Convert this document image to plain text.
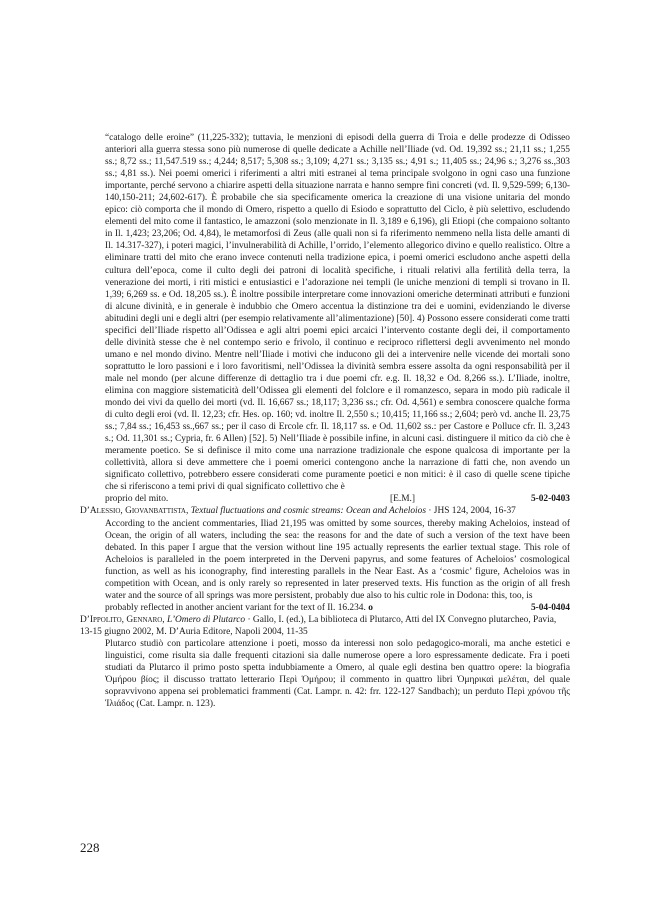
“catalogo delle eroine” (11,225-332); tuttavia, le menzioni di episodi della guerra di Troia e delle prodezze di Odisseo anteriori alla guerra stessa sono più numerose di quelle dedicate a Achille nell’Iliade (vd. Od. 19,392 ss.; 21,11 ss.; 1,255 ss.; 8,72 ss.; 11,547.519 ss.; 4,244; 8,517; 5,308 ss.; 3,109; 4,271 ss.; 3,135 ss.; 4,91 s.; 11,405 ss.; 24,96 s.; 3,276 ss.,303 ss.; 4,81 ss.). Nei poemi omerici i riferimenti a altri miti estranei al tema principale svolgono in ogni caso una funzione importante, perché servono a chiarire aspetti della situazione narrata e hanno sempre fini concreti (vd. Il. 9,529-599; 6,130-140,150-211; 24,602-617). È probabile che sia specificamente omerica la creazione di una visione unitaria del mondo epico: ciò comporta che il mondo di Omero, rispetto a quello di Esiodo e soprattutto del Ciclo, è più selettivo, escludendo elementi del mito come il fantastico, le amazzoni (solo menzionate in Il. 3,189 e 6,196), gli Etiopi (che compaiono soltanto in Il. 1,423; 23,206; Od. 4,84), le metamorfosi di Zeus (alle quali non si fa riferimento nemmeno nella lista delle amanti di Il. 14.317-327), i poteri magici, l’invulnerabilità di Achille, l’orrido, l’elemento allegorico divino e quello realistico. Oltre a eliminare tratti del mito che erano invece contenuti nella tradizione epica, i poemi omerici escludono anche aspetti della cultura dell’epoca, come il culto degli dei patroni di località specifiche, i rituali relativi alla fertilità della terra, la venerazione dei morti, i riti mistici e entusiastici e l’adorazione nei templi (le uniche menzioni di templi si trovano in Il. 1,39; 6,269 ss. e Od. 18,205 ss.). È inoltre possibile interpretare come innovazioni omeriche determinati attributi e funzioni di alcune divinità, e in generale è indubbio che Omero accentua la distinzione tra dei e uomini, evidenziando le diverse abitudini degli uni e degli altri (per esempio relativamente all’alimentazione) [50]. 4) Possono essere considerati come tratti specifici dell’Iliade rispetto all’Odissea e agli altri poemi epici arcaici l’intervento costante degli dei, il comportamento delle divinità stesse che è nel contempo serio e frivolo, il continuo e reciproco riflettersi degli avvenimento nel mondo umano e nel mondo divino. Mentre nell’Iliade i motivi che inducono gli dei a intervenire nelle vicende dei mortali sono soprattutto le loro passioni e i loro favoritismi, nell’Odissea la divinità sembra essere assolta da ogni responsabilità per il male nel mondo (per alcune differenze di dettaglio tra i due poemi cfr. e.g. Il. 18,32 e Od. 8,266 ss.). L’Iliade, inoltre, elimina con maggiore sistematicità dell’Odissea gli elementi del folclore e il romanzesco, separa in modo più radicale il mondo dei vivi da quello dei morti (vd. Il. 16,667 ss.; 18,117; 3,236 ss.; cfr. Od. 4,561) e sembra conoscere qualche forma di culto degli eroi (vd. Il. 12,23; cfr. Hes. op. 160; vd. inoltre Il. 2,550 s.; 10,415; 11,166 ss.; 2,604; però vd. anche Il. 23,75 ss.; 7,84 ss.; 16,453 ss.,667 ss.; per il caso di Ercole cfr. Il. 18,117 ss. e Od. 11,602 ss.: per Castore e Polluce cfr. Il. 3,243 s.; Od. 11,301 ss.; Cypria, fr. 6 Allen) [52]. 5) Nell’Iliade è possibile infine, in alcuni casi. distinguere il mitico da ciò che è meramente poetico. Se si definisce il mito come una narrazione tradizionale che espone qualcosa di importante per la collettività, allora si deve ammettere che i poemi omerici contengono anche la narrazione di fatti che, non avendo un significato collettivo, potrebbero essere considerati come puramente poetici e non mitici: è il caso di quelle scene tipiche che si riferiscono a temi privi di qual significato collettivo che è

proprio del mito.	[E.M.]	5-02-0403

D’Alessio, Giovanbattista, Textual fluctuations and cosmic streams: Ocean and Acheloios · JHS 124, 2004, 16-37

According to the ancient commentaries, Iliad 21,195 was omitted by some sources, thereby making Acheloios, instead of Ocean, the origin of all waters, including the sea: the reasons for and the date of such a version of the text have been debated. In this paper I argue that the version without line 195 actually represents the earlier textual stage. This role of Acheloios is paralleled in the poem interpreted in the Derveni papyrus, and some features of Acheloios’ cosmological function, as well as his iconography, find interesting parallels in the Near East. As a ‘cosmic’ figure, Acheloios was in competition with Ocean, and is only rarely so represented in later preserved texts. His function as the origin of all fresh water and the source of all springs was more persistent, probably due also to his cultic role in Dodona: this, too, is

probably reflected in another ancient variant for the text of Il. 16.234. o	5-04-0404

D’Ippolito, Gennaro, L’Omero di Plutarco · Gallo, I. (ed.), La biblioteca di Plutarco, Atti del IX Convegno plutarcheo, Pavia, 13-15 giugno 2002, M. D’Auria Editore, Napoli 2004, 11-35

Plutarco studiò con particolare attenzione i poeti, mosso da interessi non solo pedagogico-morali, ma anche estetici e linguistici, come risulta sia dalle frequenti citazioni sia dalle numerose opere a loro espressamente dedicate. Fra i poeti studiati da Plutarco il primo posto spetta indubbiamente a Omero, al quale egli destina ben quattro opere: la biografia Ὁμήρου βίος; il discusso trattato letterario Περὶ Ὁμήρου; il commento in quattro libri Ὁμηρικαὶ μελέται, del quale sopravvivono appena sei problematici frammenti (Cat. Lampr. n. 42: frr. 122-127 Sandbach); un perduto Περὶ χρόνου τῆς Ἰλιάδος (Cat. Lampr. n. 123).

228
